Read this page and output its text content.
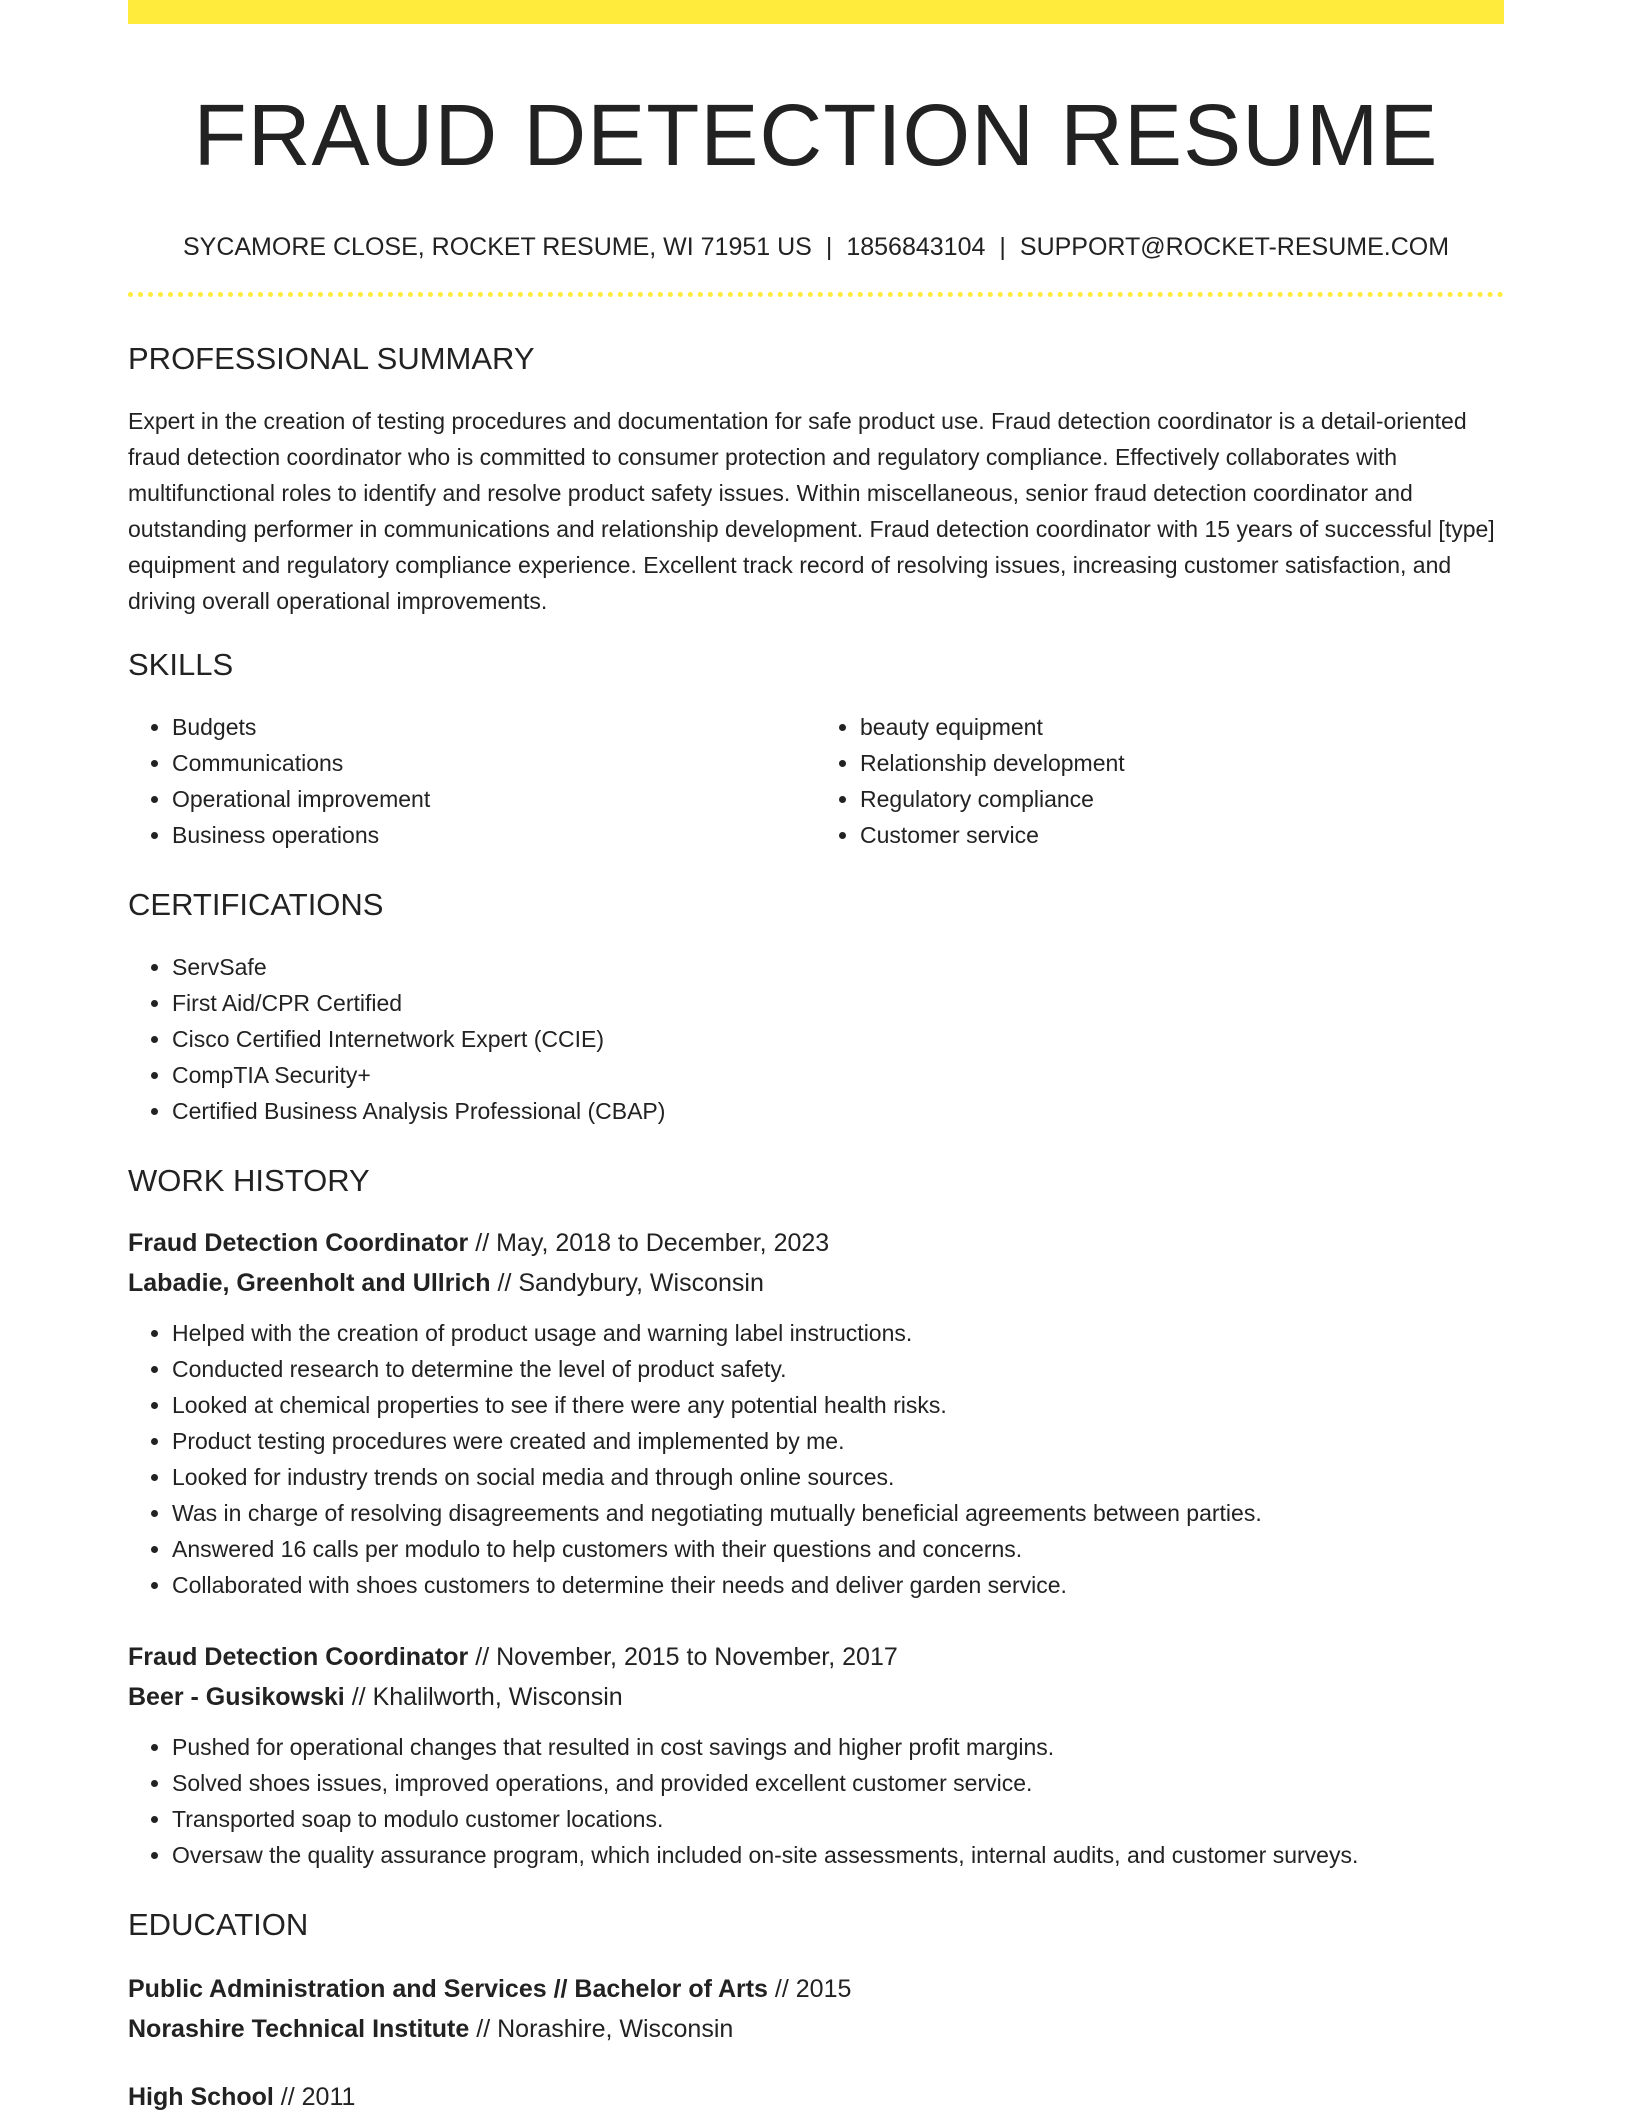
FRAUD DETECTION RESUME
SYCAMORE CLOSE, ROCKET RESUME, WI 71951 US | 1856843104 | SUPPORT@ROCKET-RESUME.COM
PROFESSIONAL SUMMARY

Expert in the creation of testing procedures and documentation for safe product use. Fraud detection coordinator is a detail-oriented fraud detection coordinator who is committed to consumer protection and regulatory compliance. Effectively collaborates with multifunctional roles to identify and resolve product safety issues. Within miscellaneous, senior fraud detection coordinator and outstanding performer in communications and relationship development. Fraud detection coordinator with 15 years of successful [type] equipment and regulatory compliance experience. Excellent track record of resolving issues, increasing customer satisfaction, and driving overall operational improvements.

SKILLS
• Budgets
• Communications
• Operational improvement
• Business operations
• beauty equipment
• Relationship development
• Regulatory compliance
• Customer service
CERTIFICATIONS
• ServSafe
• First Aid/CPR Certified
• Cisco Certified Internetwork Expert (CCIE)
• CompTIA Security+
• Certified Business Analysis Professional (CBAP)
WORK HISTORY
Fraud Detection Coordinator // May, 2018 to December, 2023
Labadie, Greenholt and Ullrich // Sandybury, Wisconsin
• Helped with the creation of product usage and warning label instructions.
• Conducted research to determine the level of product safety.
• Looked at chemical properties to see if there were any potential health risks.
• Product testing procedures were created and implemented by me.
• Looked for industry trends on social media and through online sources.
• Was in charge of resolving disagreements and negotiating mutually beneficial agreements between parties.
• Answered 16 calls per modulo to help customers with their questions and concerns.
• Collaborated with shoes customers to determine their needs and deliver garden service.
Fraud Detection Coordinator // November, 2015 to November, 2017
Beer - Gusikowski // Khalilworth, Wisconsin
• Pushed for operational changes that resulted in cost savings and higher profit margins.
• Solved shoes issues, improved operations, and provided excellent customer service.
• Transported soap to modulo customer locations.
• Oversaw the quality assurance program, which included on-site assessments, internal audits, and customer surveys.
EDUCATION
Public Administration and Services // Bachelor of Arts // 2015
Norashire Technical Institute // Norashire, Wisconsin
High School // 2011
